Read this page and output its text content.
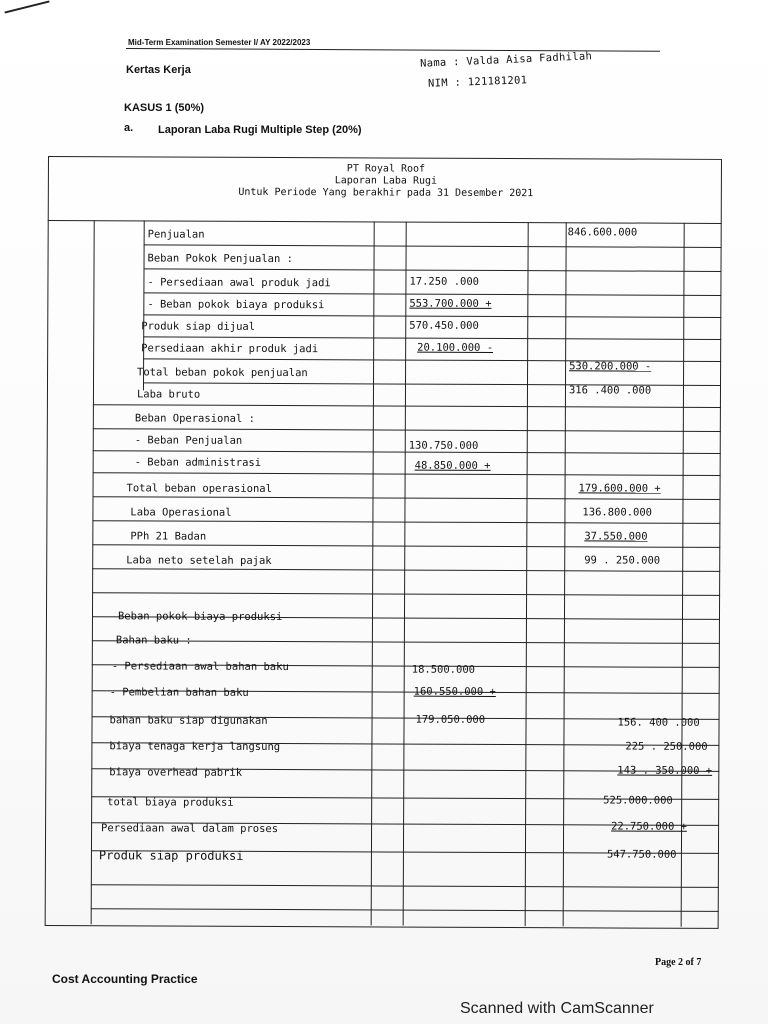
Mid-Term Examination Semester I/ AY 2022/2023
Kertas Kerja
Nama : Valda Aisa Fadhilah
NIM : 121181201
KASUS 1 (50%)
a. Laporan Laba Rugi Multiple Step (20%)
PT Royal Roof
Laporan Laba Rugi
Untuk Periode Yang berakhir pada 31 Desember 2021
Penjualan	846.600.000
Beban Pokok Penjualan :
- Persediaan awal produk jadi	17.250 .000
- Beban pokok biaya produksi	553.700.000 +
Produk siap dijual	570.450.000
Persediaan akhir produk jadi	20.100.000 -
Total beban pokok penjualan	530.200.000 -
Laba bruto	316 .400 .000
Beban Operasional :
- Beban Penjualan	130.750.000
- Beban administrasi	48.850.000 +
Total beban operasional	179.600.000 +
Laba Operasional	136.800.000
PPh 21 Badan	37.550.000
Laba neto setelah pajak	99 . 250.000
Beban pokok biaya produksi
Bahan baku :
- Persediaan awal bahan baku	18.500.000
- Pembelian bahan baku	160.550.000 +
bahan baku siap digunakan	179.050.000	156. 400 .000
biaya tenaga kerja langsung	225 . 250.000
biaya overhead pabrik	143 . 350.000 +
total biaya produksi	525.000.000
Persediaan awal dalam proses	22.750.000 +
Produk siap produksi	547.750.000
Cost Accounting Practice
Page 2 of 7
Scanned with CamScanner
